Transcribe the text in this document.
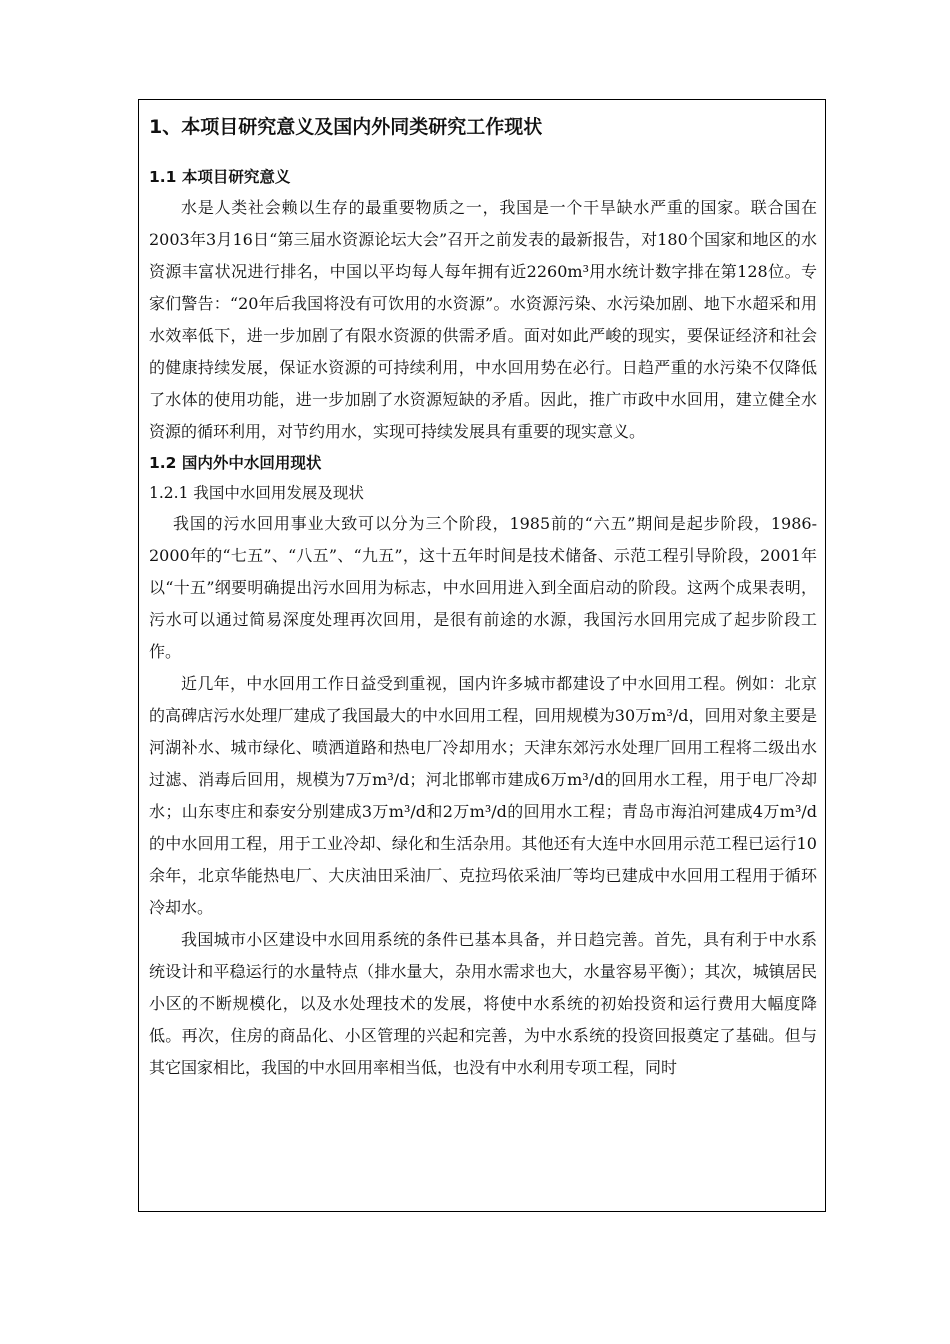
1、本项目研究意义及国内外同类研究工作现状
1.1 本项目研究意义

水是人类社会赖以生存的最重要物质之一，我国是一个干旱缺水严重的国家。联合国在2003年3月16日“第三届水资源论坛大会”召开之前发表的最新报告，对180个国家和地区的水资源丰富状况进行排名，中国以平均每人每年拥有近2260m³用水统计数字排在第128位。专家们警告：“20年后我国将没有可饮用的水资源”。水资源污染、水污染加剧、地下水超采和用水效率低下，进一步加剧了有限水资源的供需矛盾。面对如此严峻的现实，要保证经济和社会的健康持续发展，保证水资源的可持续利用，中水回用势在必行。日趋严重的水污染不仅降低了水体的使用功能，进一步加剧了水资源短缺的矛盾。因此，推广市政中水回用，建立健全水资源的循环利用，对节约用水，实现可持续发展具有重要的现实意义。

1.2 国内外中水回用现状
1.2.1 我国中水回用发展及现状

我国的污水回用事业大致可以分为三个阶段，1985前的“六五”期间是起步阶段，1986-2000年的“七五”、“八五”、“九五”，这十五年时间是技术储备、示范工程引导阶段，2001年以“十五”纲要明确提出污水回用为标志，中水回用进入到全面启动的阶段。这两个成果表明，污水可以通过简易深度处理再次回用，是很有前途的水源，我国污水回用完成了起步阶段工作。

近几年，中水回用工作日益受到重视，国内许多城市都建设了中水回用工程。例如：北京的高碑店污水处理厂建成了我国最大的中水回用工程，回用规模为30万m³/d，回用对象主要是河湖补水、城市绿化、喷洒道路和热电厂冷却用水；天津东郊污水处理厂回用工程将二级出水过滤、消毒后回用，规模为7万m³/d；河北邯郸市建成6万m³/d的回用水工程，用于电厂冷却水；山东枣庄和泰安分别建成3万m³/d和2万m³/d的回用水工程；青岛市海泊河建成4万m³/d的中水回用工程，用于工业冷却、绿化和生活杂用。其他还有大连中水回用示范工程已运行10余年，北京华能热电厂、大庆油田采油厂、克拉玛依采油厂等均已建成中水回用工程用于循环冷却水。

我国城市小区建设中水回用系统的条件已基本具备，并日趋完善。首先，具有利于中水系统设计和平稳运行的水量特点（排水量大，杂用水需求也大，水量容易平衡）；其次，城镇居民小区的不断规模化，以及水处理技术的发展，将使中水系统的初始投资和运行费用大幅度降低。再次，住房的商品化、小区管理的兴起和完善，为中水系统的投资回报奠定了基础。但与其它国家相比，我国的中水回用率相当低，也没有中水利用专项工程，同时
